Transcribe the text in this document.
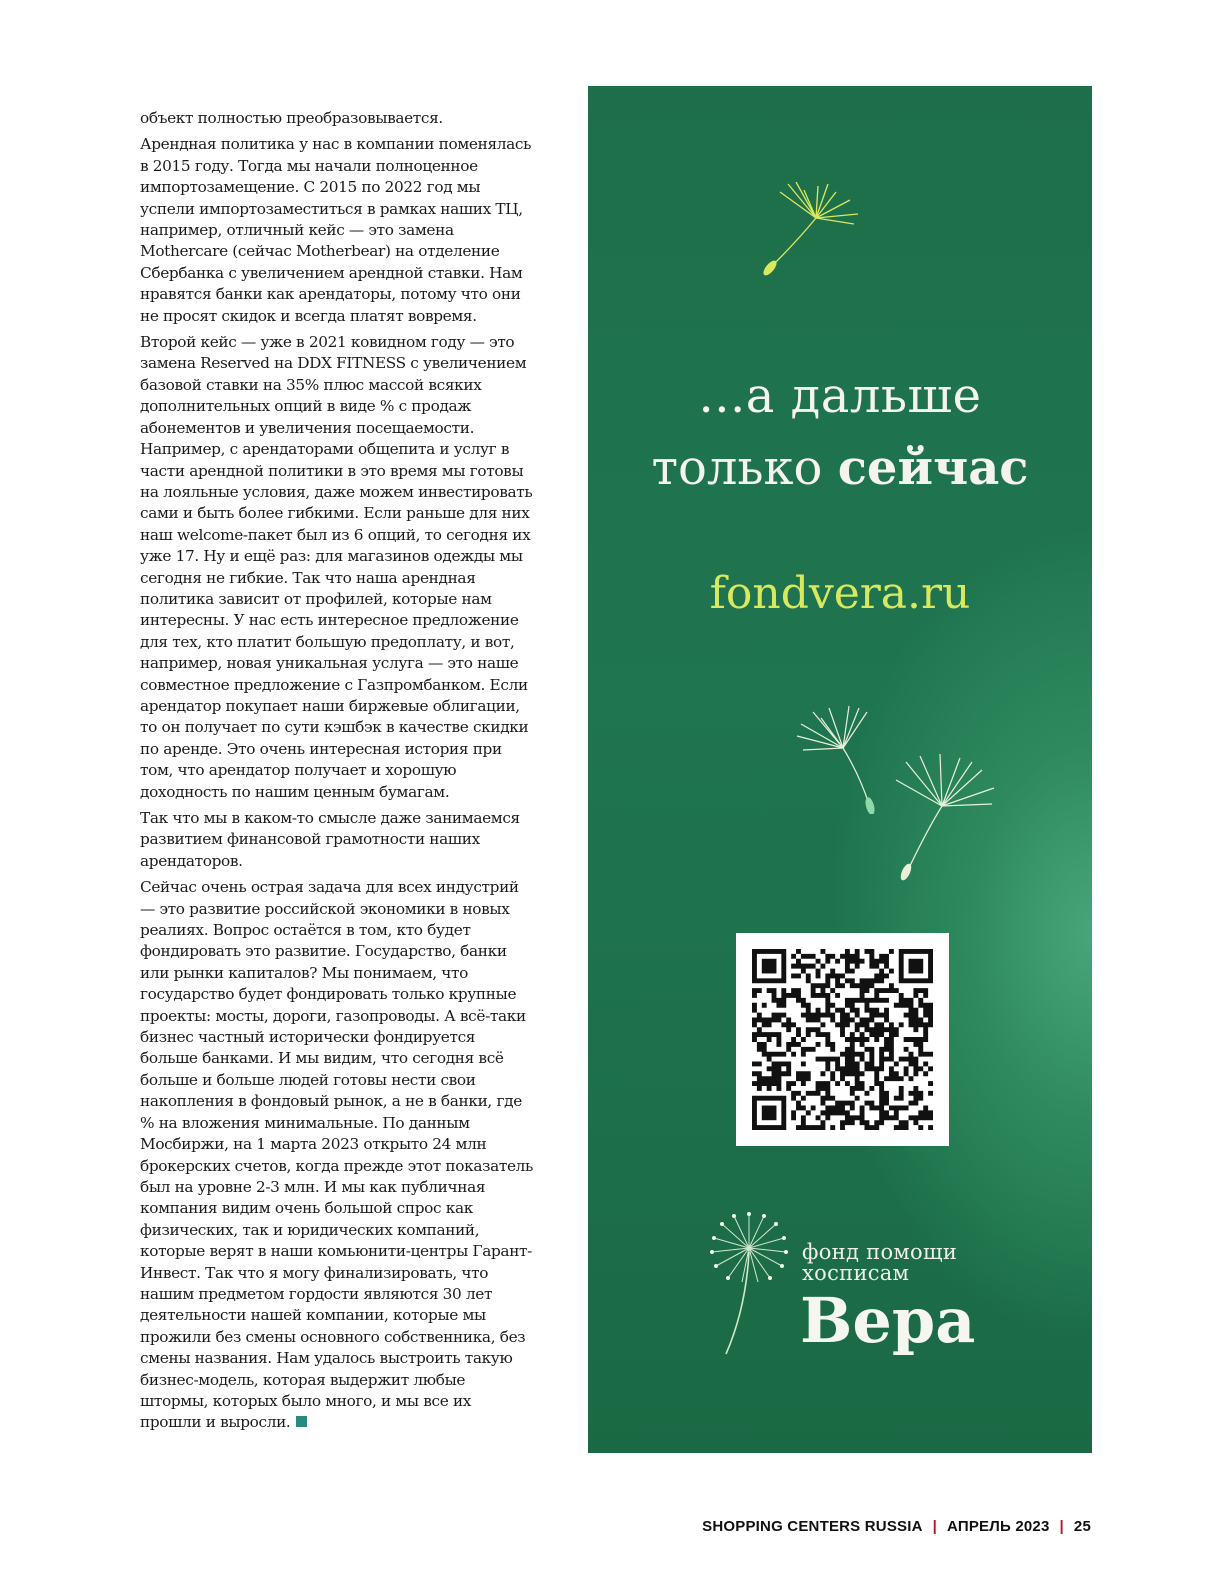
объект полностью преобразовывается.

Арендная политика у нас в компании поменялась в 2015 году. Тогда мы начали полноценное импортозамещение. С 2015 по 2022 год мы успели импортозаместиться в рамках наших ТЦ, например, отличный кейс — это замена Mothercare (сейчас Motherbear) на отделение Сбербанка с увеличением арендной ставки. Нам нравятся банки как арендаторы, потому что они не просят скидок и всегда платят вовремя.

Второй кейс — уже в 2021 ковидном году — это замена Reserved на DDX FITNESS с увеличением базовой ставки на 35% плюс массой всяких дополнительных опций в виде % с продаж абонементов и увеличения посещаемости. Например, с арендаторами общепита и услуг в части арендной политики в это время мы готовы на лояльные условия, даже можем инвестировать сами и быть более гибкими. Если раньше для них наш welcome-пакет был из 6 опций, то сегодня их уже 17. Ну и ещё раз: для магазинов одежды мы сегодня не гибкие. Так что наша арендная политика зависит от профилей, которые нам интересны. У нас есть интересное предложение для тех, кто платит большую предоплату, и вот, например, новая уникальная услуга — это наше совместное предложение с Газпромбанком. Если арендатор покупает наши биржевые облигации, то он получает по сути кэшбэк в качестве скидки по аренде. Это очень интересная история при том, что арендатор получает и хорошую доходность по нашим ценным бумагам.

Так что мы в каком-то смысле даже занимаемся развитием финансовой грамотности наших арендаторов.

Сейчас очень острая задача для всех индустрий — это развитие российской экономики в новых реалиях. Вопрос остаётся в том, кто будет фондировать это развитие. Государство, банки или рынки капиталов? Мы понимаем, что государство будет фондировать только крупные проекты: мосты, дороги, газопроводы. А всё-таки бизнес частный исторически фондируется больше банками. И мы видим, что сегодня всё больше и больше людей готовы нести свои накопления в фондовый рынок, а не в банки, где % на вложения минимальные. По данным Мосбиржи, на 1 марта 2023 открыто 24 млн брокерских счетов, когда прежде этот показатель был на уровне 2-3 млн. И мы как публичная компания видим очень большой спрос как физических, так и юридических компаний, которые верят в наши комьюнити-центры Гарант-Инвест. Так что я могу финализировать, что нашим предметом гордости являются 30 лет деятельности нашей компании, которые мы прожили без смены основного собственника, без смены названия. Нам удалось выстроить такую бизнес-модель, которая выдержит любые штормы, которых было много, и мы все их прошли и выросли.

...а дальше
только сейчас
fondvera.ru
фонд помощи
хосписам
Вера
SHOPPING CENTERS RUSSIA | АПРЕЛЬ 2023 | 25
